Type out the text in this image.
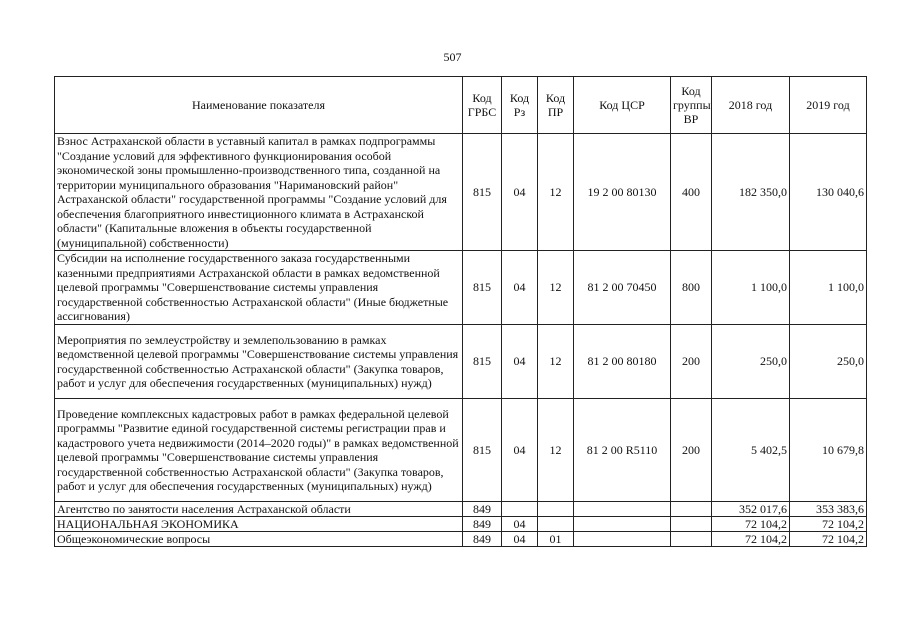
507
Наименование показателя	Код ГРБС	Код Рз	Код ПР	Код ЦСР	Код группы ВР	2018 год	2019 год
Взнос Астраханской области в уставный капитал в рамках подпрограммы "Создание условий для эффективного функционирования особой экономической зоны промышленно-производственного типа, созданной на территории муниципального образования "Наримановский район" Астраханской области" государственной программы "Создание условий для обеспечения благоприятного инвестиционного климата в Астраханской области" (Капитальные вложения в объекты государственной (муниципальной) собственности)	815	04	12	19 2 00 80130	400	182 350,0	130 040,6
Субсидии на исполнение государственного заказа государственными казенными предприятиями Астраханской области в рамках ведомственной целевой программы "Совершенствование системы управления государственной собственностью Астраханской области" (Иные бюджетные ассигнования)	815	04	12	81 2 00 70450	800	1 100,0	1 100,0
Мероприятия по землеустройству и землепользованию в рамках ведомственной целевой программы "Совершенствование системы управления государственной собственностью Астраханской области" (Закупка товаров, работ и услуг для обеспечения государственных (муниципальных) нужд)	815	04	12	81 2 00 80180	200	250,0	250,0
Проведение комплексных кадастровых работ в рамках федеральной целевой программы "Развитие единой государственной системы регистрации прав и кадастрового учета недвижимости (2014–2020 годы)" в рамках ведомственной целевой программы "Совершенствование системы управления государственной собственностью Астраханской области" (Закупка товаров, работ и услуг для обеспечения государственных (муниципальных) нужд)	815	04	12	81 2 00 R5110	200	5 402,5	10 679,8
Агентство по занятости населения Астраханской области	849					352 017,6	353 383,6
НАЦИОНАЛЬНАЯ ЭКОНОМИКА	849	04				72 104,2	72 104,2
Общеэкономические вопросы	849	04	01			72 104,2	72 104,2
